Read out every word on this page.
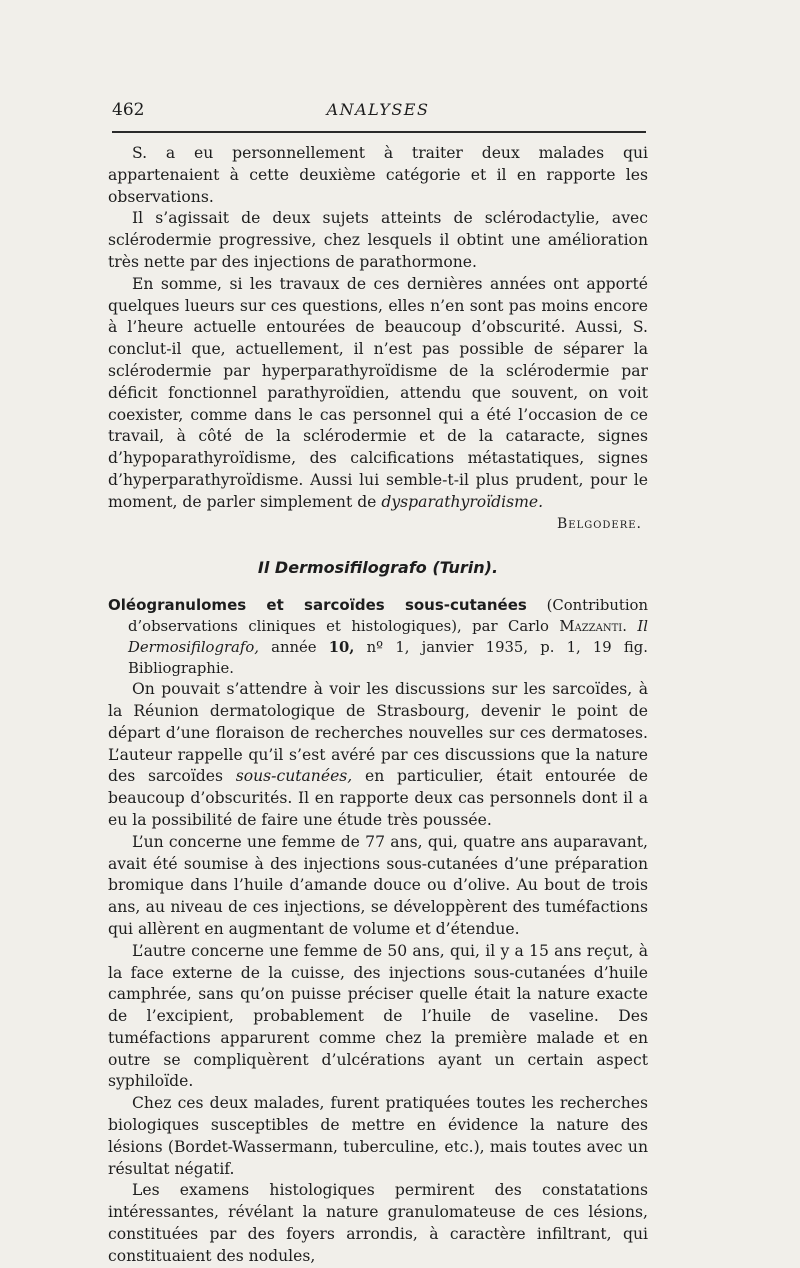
462	ANALYSES

S. a eu personnellement à traiter deux malades qui appartenaient à cette deuxième catégorie et il en rapporte les observations.

Il s’agissait de deux sujets atteints de sclérodactylie, avec sclérodermie progressive, chez lesquels il obtint une amélioration très nette par des injections de parathormone.

En somme, si les travaux de ces dernières années ont apporté quelques lueurs sur ces questions, elles n’en sont pas moins encore à l’heure actuelle entourées de beaucoup d’obscurité. Aussi, S. conclut-il que, actuellement, il n’est pas possible de séparer la sclérodermie par hyperparathyroïdisme de la sclérodermie par déficit fonctionnel parathyroïdien, attendu que souvent, on voit coexister, comme dans le cas personnel qui a été l’occasion de ce travail, à côté de la sclérodermie et de la cataracte, signes d’hypoparathyroïdisme, des calcifications métastatiques, signes d’hyperparathyroïdisme. Aussi lui semble-t-il plus prudent, pour le moment, de parler simplement de dysparathyroïdisme.

Belgodere.

Il Dermosifilografo (Turin).

Oléogranulomes et sarcoïdes sous-cutanées (Contribution d’observations cliniques et histologiques), par Carlo Mazzanti. Il Dermosifilografo, année 10, nº 1, janvier 1935, p. 1, 19 fig. Bibliographie.

On pouvait s’attendre à voir les discussions sur les sarcoïdes, à la Réunion dermatologique de Strasbourg, devenir le point de départ d’une floraison de recherches nouvelles sur ces dermatoses. L’auteur rappelle qu’il s’est avéré par ces discussions que la nature des sarcoïdes sous-cutanées, en particulier, était entourée de beaucoup d’obscurités. Il en rapporte deux cas personnels dont il a eu la possibilité de faire une étude très poussée.

L’un concerne une femme de 77 ans, qui, quatre ans auparavant, avait été soumise à des injections sous-cutanées d’une préparation bromique dans l’huile d’amande douce ou d’olive. Au bout de trois ans, au niveau de ces injections, se développèrent des tuméfactions qui allèrent en augmentant de volume et d’étendue.

L’autre concerne une femme de 50 ans, qui, il y a 15 ans reçut, à la face externe de la cuisse, des injections sous-cutanées d’huile camphrée, sans qu’on puisse préciser quelle était la nature exacte de l’excipient, probablement de l’huile de vaseline. Des tuméfactions apparurent comme chez la première malade et en outre se compliquèrent d’ulcérations ayant un certain aspect syphiloïde.

Chez ces deux malades, furent pratiquées toutes les recherches biologiques susceptibles de mettre en évidence la nature des lésions (Bordet-Wassermann, tuberculine, etc.), mais toutes avec un résultat négatif.

Les examens histologiques permirent des constatations intéressantes, révélant la nature granulomateuse de ces lésions, constituées par des foyers arrondis, à caractère infiltrant, qui constituaient des nodules,
